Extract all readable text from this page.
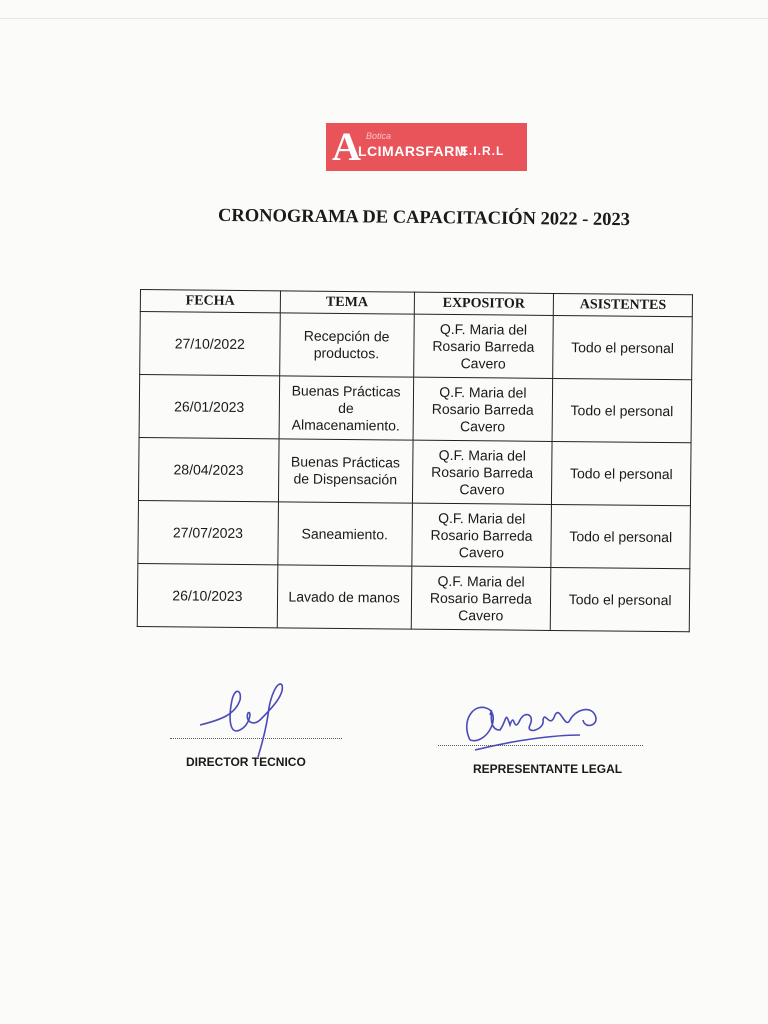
A Botica
LCIMARSFARM
E.I.R.L
CRONOGRAMA DE CAPACITACIÓN 2022 - 2023
FECHA	TEMA	EXPOSITOR	ASISTENTES
27/10/2022	Recepción de productos.	Q.F. Maria del Rosario Barreda Cavero	Todo el personal
26/01/2023	Buenas Prácticas de Almacenamiento.	Q.F. Maria del Rosario Barreda Cavero	Todo el personal
28/04/2023	Buenas Prácticas de Dispensación	Q.F. Maria del Rosario Barreda Cavero	Todo el personal
27/07/2023	Saneamiento.	Q.F. Maria del Rosario Barreda Cavero	Todo el personal
26/10/2023	Lavado de manos	Q.F. Maria del Rosario Barreda Cavero	Todo el personal
DIRECTOR TECNICO	REPRESENTANTE LEGAL
